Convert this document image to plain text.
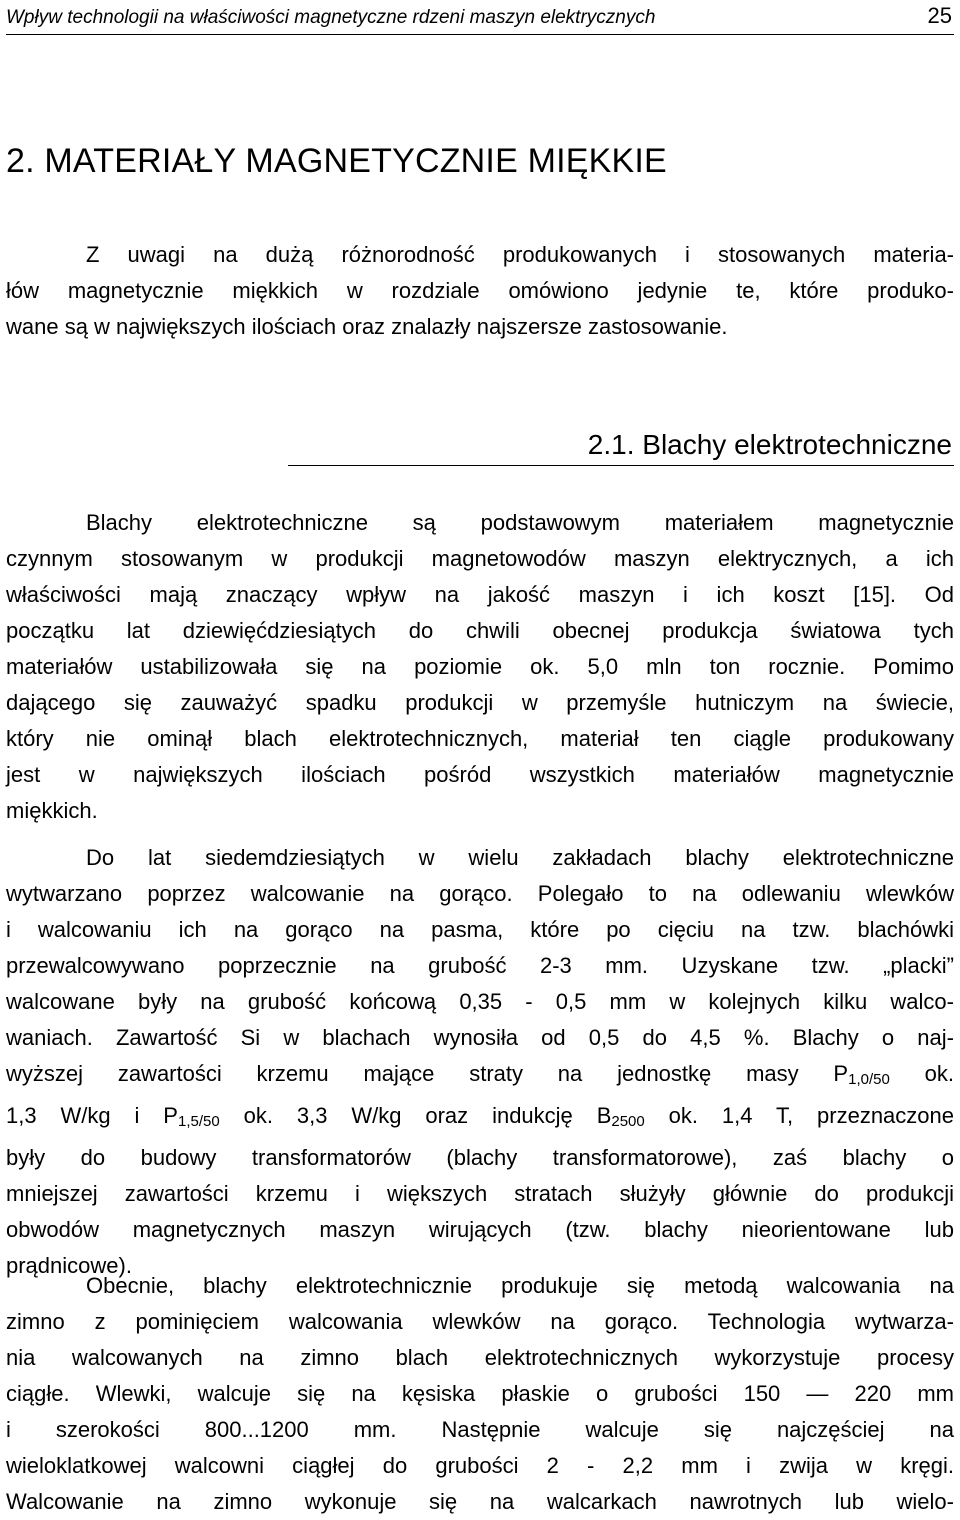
Wpływ technologii na właściwości magnetyczne rdzeni maszyn elektrycznych	25
2. MATERIAŁY MAGNETYCZNIE MIĘKKIE

Z uwagi na dużą różnorodność produkowanych i stosowanych materia-
łów magnetycznie miękkich w rozdziale omówiono jedynie te, które produko-
wane są w największych ilościach oraz znalazły najszersze zastosowanie.

2.1. Blachy elektrotechniczne

Blachy elektrotechniczne są podstawowym materiałem magnetycznie
czynnym stosowanym w produkcji magnetowodów maszyn elektrycznych, a ich
właściwości mają znaczący wpływ na jakość maszyn i ich koszt [15]. Od
początku lat dziewięćdziesiątych do chwili obecnej produkcja światowa tych
materiałów ustabilizowała się na poziomie ok. 5,0 mln ton rocznie. Pomimo
dającego się zauważyć spadku produkcji w przemyśle hutniczym na świecie,
który nie ominął blach elektrotechnicznych, materiał ten ciągle produkowany
jest w największych ilościach pośród wszystkich materiałów magnetycznie
miękkich.

Do lat siedemdziesiątych w wielu zakładach blachy elektrotechniczne
wytwarzano poprzez walcowanie na gorąco. Polegało to na odlewaniu wlewków
i walcowaniu ich na gorąco na pasma, które po cięciu na tzw. blachówki
przewalcowywano poprzecznie na grubość 2-3 mm. Uzyskane tzw. „placki”
walcowane były na grubość końcową 0,35 - 0,5 mm w kolejnych kilku walco-
waniach. Zawartość Si w blachach wynosiła od 0,5 do 4,5 %. Blachy o naj-
wyższej zawartości krzemu mające straty na jednostkę masy $P_{1,0/50}$ ok.
1,3 W/kg i $P_{1,5/50}$ ok. 3,3 W/kg oraz indukcję $B_{2500}$ ok. 1,4 T, przeznaczone
były do budowy transformatorów (blachy transformatorowe), zaś blachy o
mniejszej zawartości krzemu i większych stratach służyły głównie do produkcji
obwodów magnetycznych maszyn wirujących (tzw. blachy nieorientowane lub
prądnicowe).

Obecnie, blachy elektrotechnicznie produkuje się metodą walcowania na
zimno z pominięciem walcowania wlewków na gorąco. Technologia wytwarza-
nia walcowanych na zimno blach elektrotechnicznych wykorzystuje procesy
ciągłe. Wlewki, walcuje się na kęsiska płaskie o grubości 150 — 220 mm
i szerokości 800...1200 mm. Następnie walcuje się najczęściej na
wieloklatkowej walcowni ciągłej do grubości 2 - 2,2 mm i zwija w kręgi.
Walcowanie na zimno wykonuje się na walcarkach nawrotnych lub wielo-
